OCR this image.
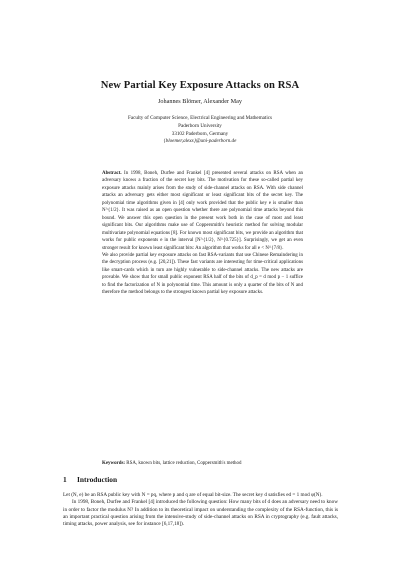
New Partial Key Exposure Attacks on RSA
Johannes Blömer, Alexander May
Faculty of Computer Science, Electrical Engineering and Mathematics
Paderborn University
33102 Paderborn, Germany
{bloemer,alexx}@uni-paderborn.de

Abstract. In 1998, Boneh, Durfee and Frankel [4] presented several attacks on RSA when an adversary knows a fraction of the secret key bits. The motivation for these so-called partial key exposure attacks mainly arises from the study of side-channel attacks on RSA. With side channel attacks an adversary gets either most significant or least significant bits of the secret key. The polynomial time algorithms given in [4] only work provided that the public key e is smaller than N^{1/2}. It was raised as an open question whether there are polynomial time attacks beyond this bound. We answer this open question in the present work both in the case of most and least significant bits. Our algorithms make use of Coppersmith's heuristic method for solving modular multivariate polynomial equations [8]. For known most significant bits, we provide an algorithm that works for public exponents e in the interval [N^{1/2}, N^{0.725}]. Surprisingly, we get an even stronger result for known least significant bits: An algorithm that works for all e < N^{7/8}.

We also provide partial key exposure attacks on fast RSA-variants that use Chinese Remaindering in the decryption process (e.g. [20,21]). These fast variants are interesting for time-critical applications like smart-cards which in turn are highly vulnerable to side-channel attacks. The new attacks are provable. We show that for small public exponent RSA half of the bits of d_p = d mod p − 1 suffice to find the factorization of N in polynomial time. This amount is only a quarter of the bits of N and therefore the method belongs to the strongest known partial key exposure attacks.

Keywords: RSA, known bits, lattice reduction, Coppersmith's method
1 Introduction

Let (N, e) be an RSA public key with N = pq, where p and q are of equal bit-size. The secret key d satisfies ed = 1 mod φ(N).

In 1998, Boneh, Durfee and Frankel [4] introduced the following question: How many bits of d does an adversary need to know in order to factor the modulus N? In addition to its theoretical impact on understanding the complexity of the RSA-function, this is an important practical question arising from the intensive-study of side-channel attacks on RSA in cryptography (e.g. fault attacks, timing attacks, power analysis, see for instance [6,17,18]).
